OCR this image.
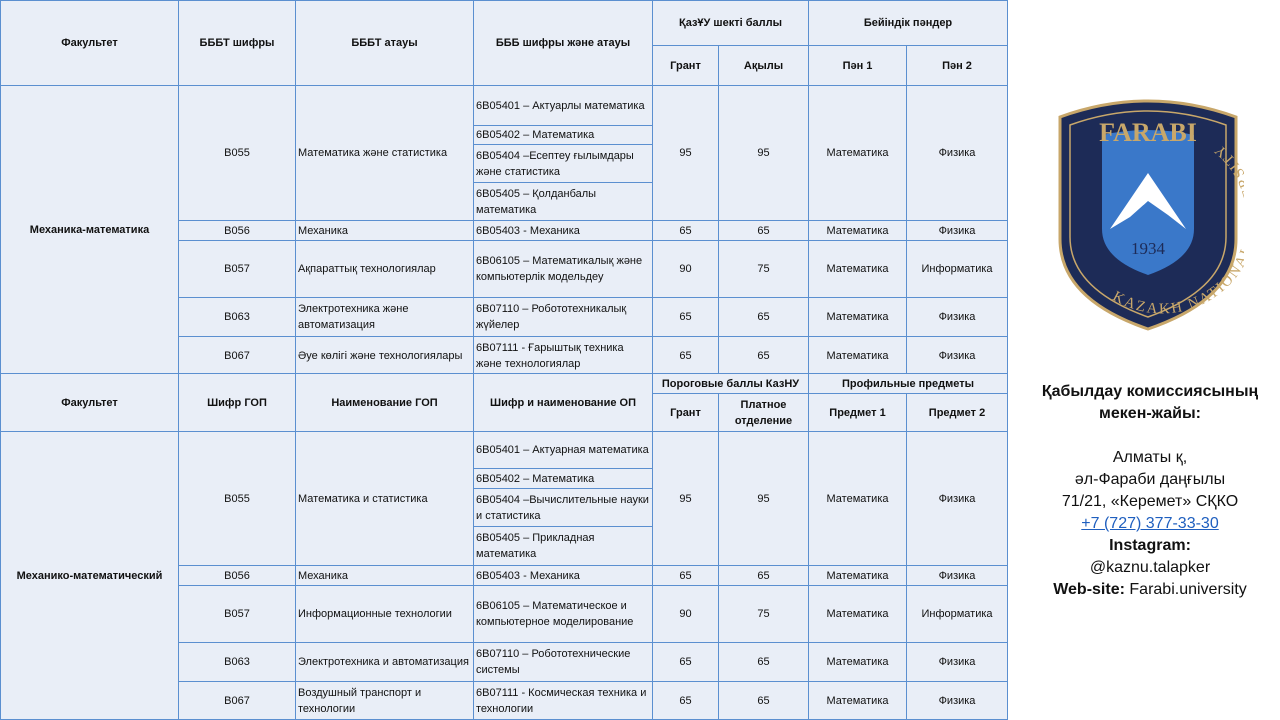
Факультет	БББТ шифры	БББТ атауы	БББ шифры және атауы	ҚазҰУ шекті баллы		Бейіндік пәндер	
				Грант	Ақылы	Пән 1	Пән 2
Механика-математика	B055	Математика және статистика	6B05401 – Актуарлы математика	95	95	Математика	Физика
			6B05402 – Математика				
			6B05404 –Есептеу ғылымдары және статистика				
			6B05405 – Қолданбалы математика				
	B056	Механика	6B05403 - Механика	65	65	Математика	Физика
	B057	Ақпараттық технологиялар	6B06105 – Математикалық және компьютерлік модельдеу	90	75	Математика	Информатика
	B063	Электротехника және автоматизация	6B07110 – Робототехникалық жүйелер	65	65	Математика	Физика
	B067	Әуе көлігі және технологиялары	6B07111 - Ғарыштық техника және технологиялар	65	65	Математика	Физика
Факультет	Шифр ГОП	Наименование ГОП	Шифр и наименование ОП	Пороговые баллы КазНУ		Профильные предметы	
				Грант	Платное отделение	Предмет 1	Предмет 2
Механико-математический	B055	Математика и статистика	6B05401 – Актуарная математика	95	95	Математика	Физика
			6B05402 – Математика				
			6B05404 –Вычислительные науки и статистика				
			6B05405 – Прикладная математика				
	B056	Механика	6B05403 - Механика	65	65	Математика	Физика
	B057	Информационные технологии	6B06105 – Математическое и компьютерное моделирование	90	75	Математика	Информатика
	B063	Электротехника и автоматизация	6B07110 – Робототехнические системы	65	65	Математика	Физика
	B067	Воздушный транспорт и технологии	6B07111 - Космическая техника и технологии	65	65	Математика	Физика
FARABI
1934
KAZAKH NATION ITY
Қабылдау комиссиясының мекен-жайы:
Алматы қ,
әл-Фараби даңғылы
71/21, «Керемет» СҚКО
+7 (727) 377-33-30
Instagram:
@kaznu.talapker
Web-site: Farabi.university
